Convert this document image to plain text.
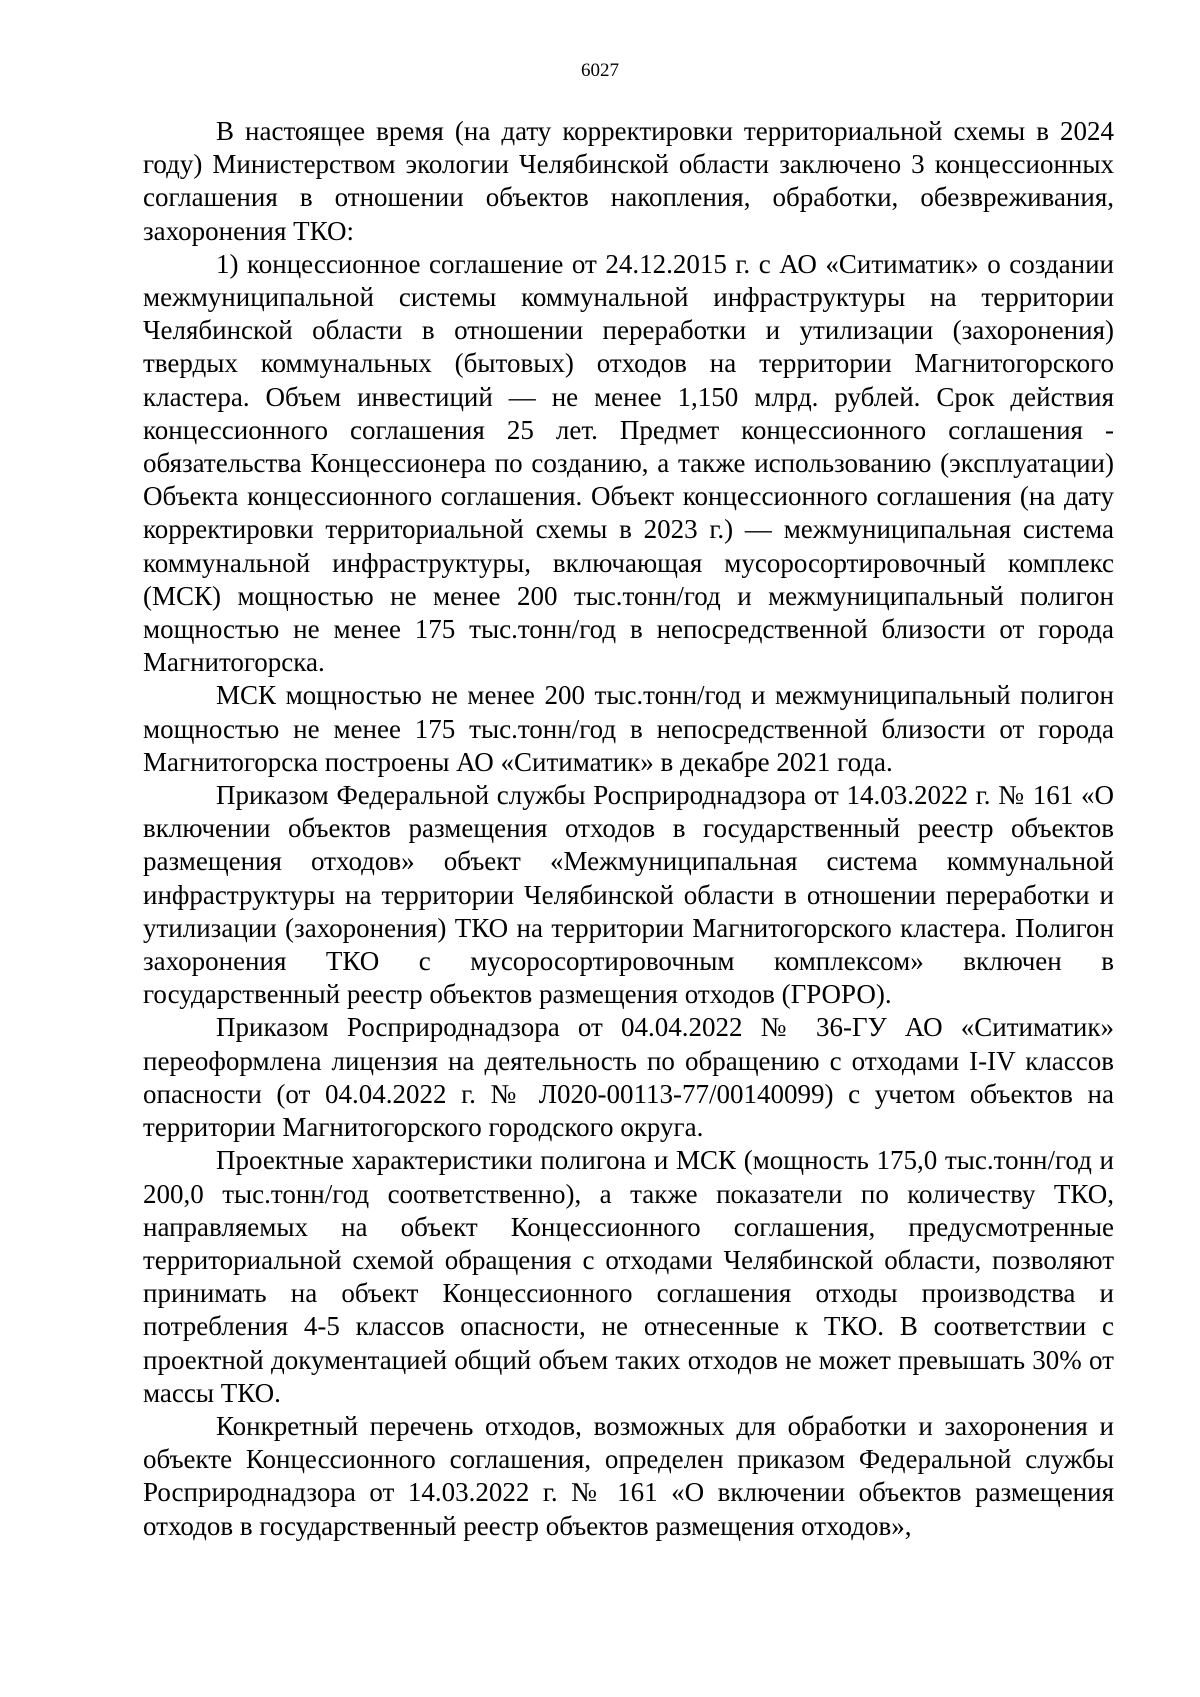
6027

В настоящее время (на дату корректировки территориальной схемы в 2024 году) Министерством экологии Челябинской области заключено 3 концессионных соглашения в отношении объектов накопления, обработки, обезвреживания, захоронения ТКО:

1) концессионное соглашение от 24.12.2015 г. с АО «Ситиматик» о создании межмуниципальной системы коммунальной инфраструктуры на территории Челябинской области в отношении переработки и утилизации (захоронения) твердых коммунальных (бытовых) отходов на территории Магнитогорского кластера. Объем инвестиций — не менее 1,150 млрд. рублей. Срок действия концессионного соглашения 25 лет. Предмет концессионного соглашения - обязательства Концессионера по созданию, а также использованию (эксплуатации) Объекта концессионного соглашения. Объект концессионного соглашения (на дату корректировки территориальной схемы в 2023 г.) — межмуниципальная система коммунальной инфраструктуры, включающая мусоросортировочный комплекс (МСК) мощностью не менее 200 тыс.тонн/год и межмуниципальный полигон мощностью не менее 175 тыс.тонн/год в непосредственной близости от города Магнитогорска.

МСК мощностью не менее 200 тыс.тонн/год и межмуниципальный полигон мощностью не менее 175 тыс.тонн/год в непосредственной близости от города Магнитогорска построены АО «Ситиматик» в декабре 2021 года.

Приказом Федеральной службы Росприроднадзора от 14.03.2022 г. № 161 «О включении объектов размещения отходов в государственный реестр объектов размещения отходов» объект «Межмуниципальная система коммунальной инфраструктуры на территории Челябинской области в отношении переработки и утилизации (захоронения) ТКО на территории Магнитогорского кластера. Полигон захоронения ТКО с мусоросортировочным комплексом» включен в государственный реестр объектов размещения отходов (ГРОРО).

Приказом Росприроднадзора от 04.04.2022 № 36-ГУ АО «Ситиматик» переоформлена лицензия на деятельность по обращению с отходами I-IV классов опасности (от 04.04.2022 г. № Л020-00113-77/00140099) с учетом объектов на территории Магнитогорского городского округа.

Проектные характеристики полигона и МСК (мощность 175,0 тыс.тонн/год и 200,0 тыс.тонн/год соответственно), а также показатели по количеству ТКО, направляемых на объект Концессионного соглашения, предусмотренные территориальной схемой обращения с отходами Челябинской области, позволяют принимать на объект Концессионного соглашения отходы производства и потребления 4-5 классов опасности, не отнесенные к ТКО. В соответствии с проектной документацией общий объем таких отходов не может превышать 30% от массы ТКО.

Конкретный перечень отходов, возможных для обработки и захоронения и объекте Концессионного соглашения, определен приказом Федеральной службы Росприроднадзора от 14.03.2022 г. № 161 «О включении объектов размещения отходов в государственный реестр объектов размещения отходов»,
